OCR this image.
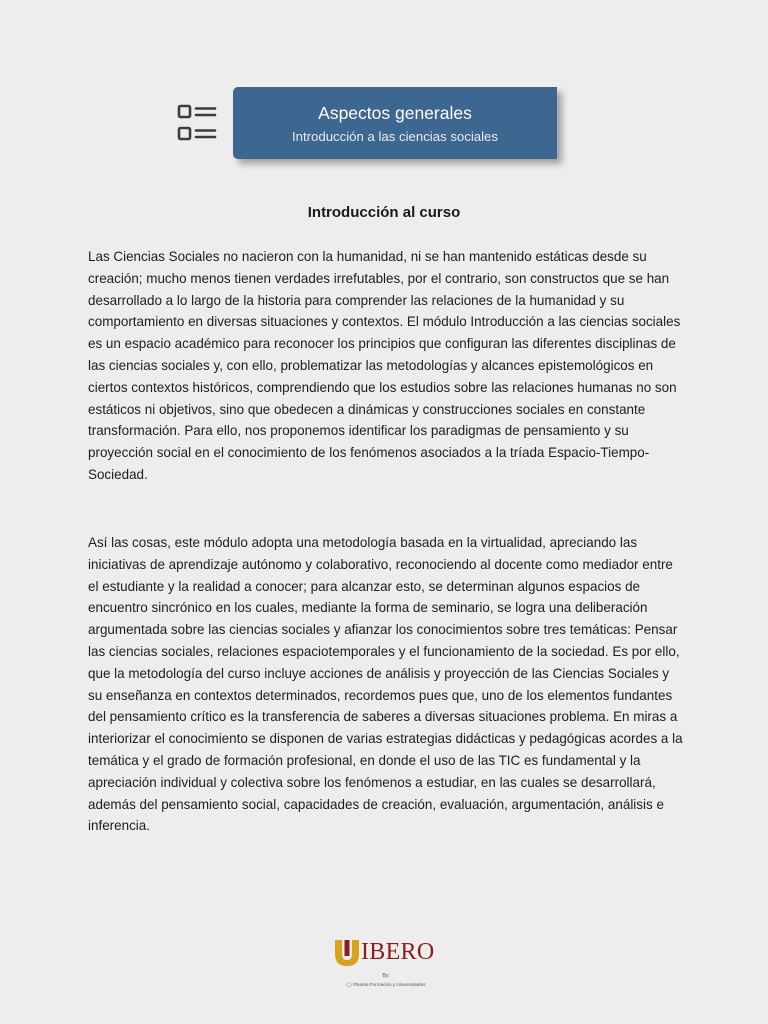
Aspectos generales
Introducción a las ciencias sociales
Introducción al curso

Las Ciencias Sociales no nacieron con la humanidad, ni se han mantenido estáticas desde su creación; mucho menos tienen verdades irrefutables, por el contrario, son constructos que se han desarrollado a lo largo de la historia para comprender las relaciones de la humanidad y su comportamiento en diversas situaciones y contextos. El módulo Introducción a las ciencias sociales es un espacio académico para reconocer los principios que configuran las diferentes disciplinas de las ciencias sociales y, con ello, problematizar las metodologías y alcances epistemológicos en ciertos contextos históricos, comprendiendo que los estudios sobre las relaciones humanas no son estáticos ni objetivos, sino que obedecen a dinámicas y construcciones sociales en constante transformación. Para ello, nos proponemos identificar los paradigmas de pensamiento y su proyección social en el conocimiento de los fenómenos asociados a la tríada Espacio-Tiempo-Sociedad.

Así las cosas, este módulo adopta una metodología basada en la virtualidad, apreciando las iniciativas de aprendizaje autónomo y colaborativo, reconociendo al docente como mediador entre el estudiante y la realidad a conocer; para alcanzar esto, se determinan algunos espacios de encuentro sincrónico en los cuales, mediante la forma de seminario, se logra una deliberación argumentada sobre las ciencias sociales y afianzar los conocimientos sobre tres temáticas: Pensar las ciencias sociales, relaciones espaciotemporales y el funcionamiento de la sociedad. Es por ello, que la metodología del curso incluye acciones de análisis y proyección de las Ciencias Sociales y su enseñanza en contextos determinados, recordemos pues que, uno de los elementos fundantes del pensamiento crítico es la transferencia de saberes a diversas situaciones problema. En miras a interiorizar el conocimiento se disponen de varias estrategias didácticas y pedagógicas acordes a la temática y el grado de formación profesional, en donde el uso de las TIC es fundamental y la apreciación individual y colectiva sobre los fenómenos a estudiar, en las cuales se desarrollará, además del pensamiento social, capacidades de creación, evaluación, argumentación, análisis e inferencia.

IBERO
By:
◯ Planeta Formación y Universidades
